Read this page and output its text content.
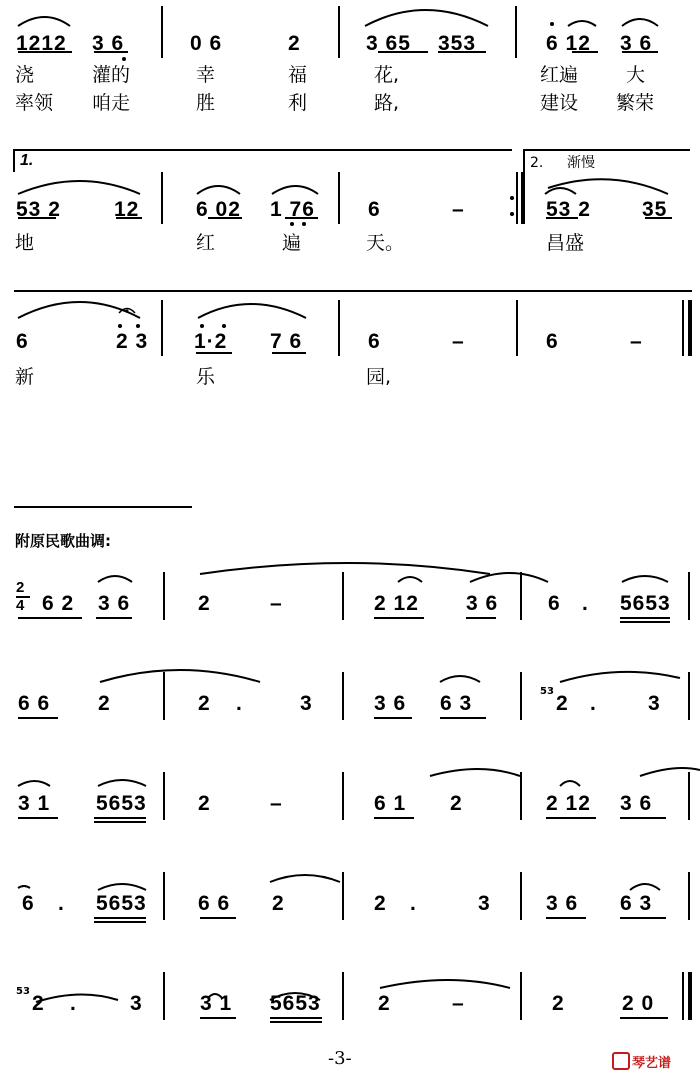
1212 3 6	0 6	2	3 65 353	6 12 3 6
浇	灌的	幸	福	花,	红遍	大
率领 咱走	胜	利	路,	建设 繁荣
1.	2. 渐慢
53 2	12	6 02 1 76	6	–	53 2 35
地	红	遍	天。	昌盛
6	2 3 1·2 7 6	6	–	6	–
新	乐	园,
附原民歌曲调:
2
4 6 2 3 6	2	–	2 12 3 6 6 . 5653
6 6 2	2 .	3	3 6 6 3
53
2 . 3
3 1 5653 2	–	6 1 2	2 12 3 6
6 . 5653 6 6 2	2 .	3	3 6 6 3
53
2 .	3	3 1 5653	2	–	2	2 0
-3-	琴艺谱
